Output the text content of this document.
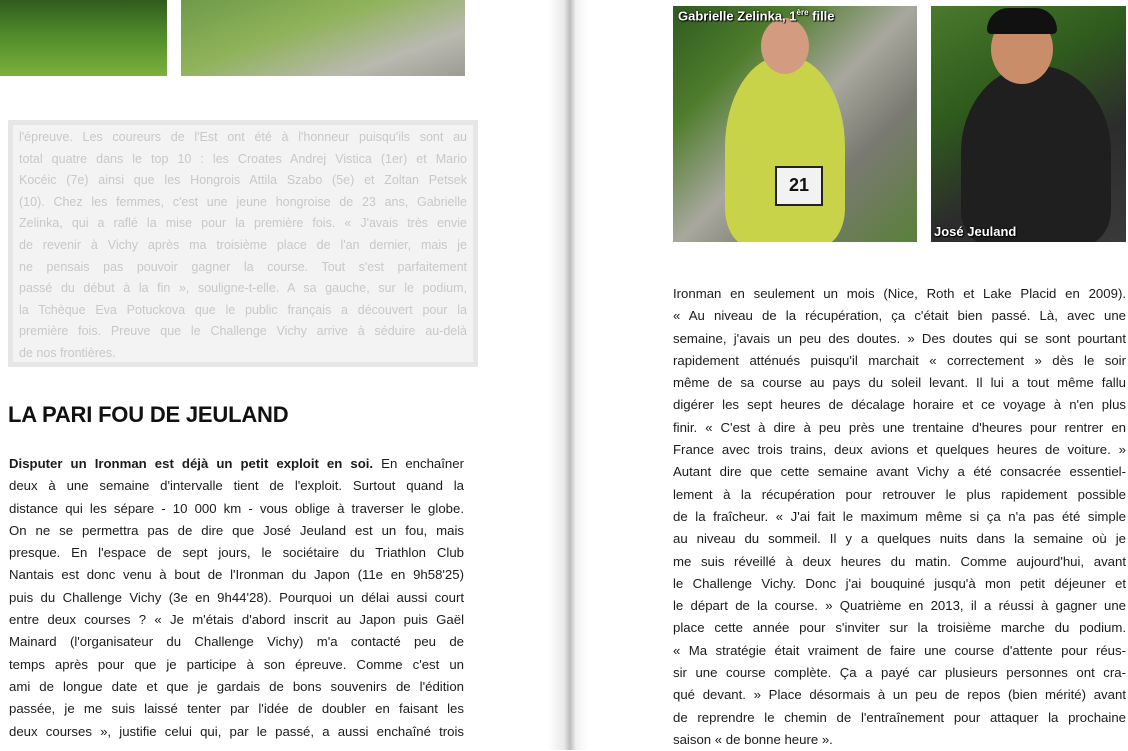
l'épreuve. Les coureurs de l'Est ont été à l'honneur puisqu'ils sont au

total quatre dans le top 10 : les Croates Andrej Vistica (1er) et Mario

Kocéic (7e) ainsi que les Hongrois Attila Szabo (5e) et Zoltan Petsek

(10). Chez les femmes, c'est une jeune hongroise de 23 ans, Gabrielle

Zelinka, qui a raflé la mise pour la première fois. « J'avais très envie

de revenir à Vichy après ma troisième place de l'an dernier, mais je

ne pensais pas pouvoir gagner la course. Tout s'est parfaitement

passé du début à la fin », souligne-t-elle. A sa gauche, sur le podium,

la Tchèque Eva Potuckova que le public français a découvert pour la

première fois. Preuve que le Challenge Vichy arrive à séduire au-delà

de nos frontières.

LA PARI FOU DE JEULAND

Disputer un Ironman est déjà un petit exploit en soi. En enchaîner

deux à une semaine d'intervalle tient de l'exploit. Surtout quand la

distance qui les sépare - 10 000 km - vous oblige à traverser le globe.

On ne se permettra pas de dire que José Jeuland est un fou, mais

presque. En l'espace de sept jours, le sociétaire du Triathlon Club

Nantais est donc venu à bout de l'Ironman du Japon (11e en 9h58'25)

puis du Challenge Vichy (3e en 9h44'28). Pourquoi un délai aussi court

entre deux courses ? « Je m'étais d'abord inscrit au Japon puis Gaël

Mainard (l'organisateur du Challenge Vichy) m'a contacté peu de

temps après pour que je participe à son épreuve. Comme c'est un

ami de longue date et que je gardais de bons souvenirs de l'édition

passée, je me suis laissé tenter par l'idée de doubler en faisant les

deux courses », justifie celui qui, par le passé, a aussi enchaîné trois

21
Gabrielle Zelinka, 1ère fille
José Jeuland
Ironman en seulement un mois (Nice, Roth et Lake Placid en 2009).
« Au niveau de la récupération, ça c'était bien passé. Là, avec une
semaine, j'avais un peu des doutes. » Des doutes qui se sont pourtant
rapidement atténués puisqu'il marchait « correctement » dès le soir
même de sa course au pays du soleil levant. Il lui a tout même fallu
digérer les sept heures de décalage horaire et ce voyage à n'en plus
finir. « C'est à dire à peu près une trentaine d'heures pour rentrer en
France avec trois trains, deux avions et quelques heures de voiture. »
Autant dire que cette semaine avant Vichy a été consacrée essentiel-
lement à la récupération pour retrouver le plus rapidement possible
de la fraîcheur. « J'ai fait le maximum même si ça n'a pas été simple
au niveau du sommeil. Il y a quelques nuits dans la semaine où je
me suis réveillé à deux heures du matin. Comme aujourd'hui, avant
le Challenge Vichy. Donc j'ai bouquiné jusqu'à mon petit déjeuner et
le départ de la course. » Quatrième en 2013, il a réussi à gagner une
place cette année pour s'inviter sur la troisième marche du podium.
« Ma stratégie était vraiment de faire une course d'attente pour réus-
sir une course complète. Ça a payé car plusieurs personnes ont cra-
qué devant. » Place désormais à un peu de repos (bien mérité) avant
de reprendre le chemin de l'entraînement pour attaquer la prochaine
saison « de bonne heure ».
